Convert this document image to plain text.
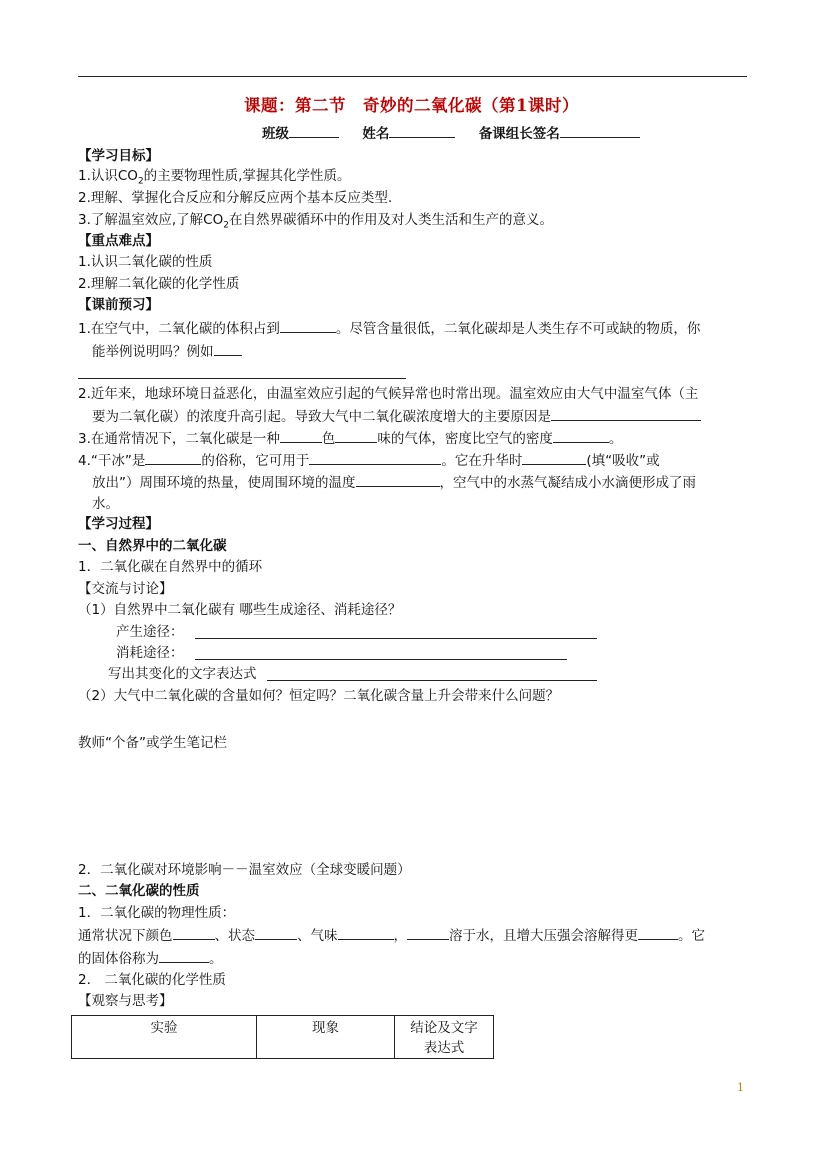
课题：第二节　奇妙的二氧化碳（第1课时）
班级	姓名	备课组长签名
【学习目标】
1.认识$CO_2$的主要物理性质,掌握其化学性质。
2.理解、掌握化合反应和分解反应两个基本反应类型.
3.了解温室效应,了解$CO_2$在自然界碳循环中的作用及对人类生活和生产的意义。
【重点难点】
1.认识二氧化碳的性质
2.理解二氧化碳的化学性质
【课前预习】
1.在空气中，二氧化碳的体积占到	。尽管含量很低，二氧化碳却是人类生存不可或缺的物质，你
能举例说明吗？例如
2.近年来，地球环境日益恶化，由温室效应引起的气候异常也时常出现。温室效应由大气中温室气体（主
要为二氧化碳）的浓度升高引起。导致大气中二氧化碳浓度增大的主要原因是
3.在通常情况下，二氧化碳是一种	色	味的气体，密度比空气的密度	。
4.“干冰”是	的俗称，它可用于	。它在升华时	(填“吸收”或
放出”）周围环境的热量，使周围环境的温度	，空气中的水蒸气凝结成小水滴便形成了雨
水。
【学习过程】
一、自然界中的二氧化碳
1．二氧化碳在自然界中的循环
【交流与讨论】
（1）自然界中二氧化碳有 哪些生成途径、消耗途径？
产生途径：
消耗途径：
写出其变化的文字表达式
（2）大气中二氧化碳的含量如何？恒定吗？二氧化碳含量上升会带来什么问题？
教师“个备”或学生笔记栏
2．二氧化碳对环境影响－－温室效应（全球变暖问题）
二、二氧化碳的性质
1．二氧化碳的物理性质：
通常状况下颜色	、状态	、气味	，	溶于水，且增大压强会溶解得更	。它
的固体俗称为	。
2.　二氧化碳的化学性质
【观察与思考】
实验	现象	结论及文字
表达式
1
